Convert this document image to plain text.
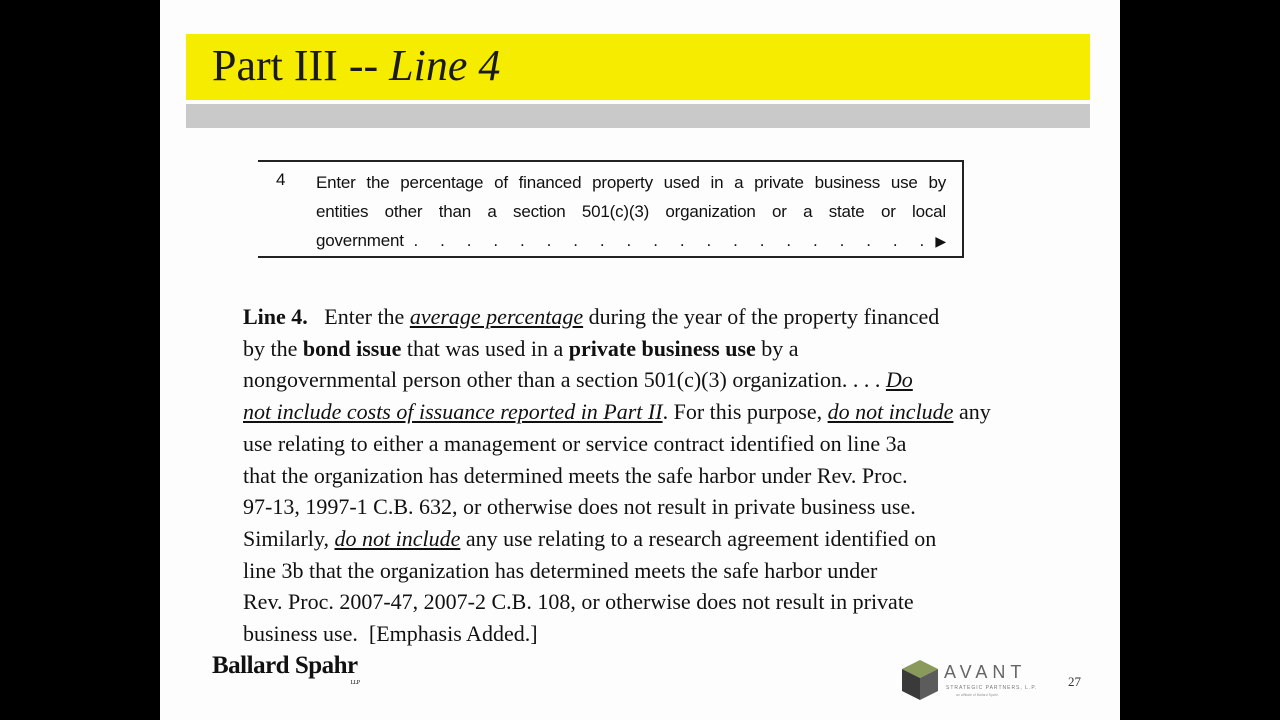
Part III -- Line 4
4 Enter the percentage of financed property used in a private business use by
entities other than a section 501(c)(3) organization or a state or local
government . . . . . . . . . . . . . . . . . . . .▶
Line 4. Enter the average percentage during the year of the property financed
by the bond issue that was used in a private business use by a
nongovernmental person other than a section 501(c)(3) organization. . . . Do
not include costs of issuance reported in Part II. For this purpose, do not include any
use relating to either a management or service contract identified on line 3a
that the organization has determined meets the safe harbor under Rev. Proc.
97-13, 1997-1 C.B. 632, or otherwise does not result in private business use.
Similarly, do not include any use relating to a research agreement identified on
line 3b that the organization has determined meets the safe harbor under
Rev. Proc. 2007-47, 2007-2 C.B. 108, or otherwise does not result in private
business use.  [Emphasis Added.]
Ballard Spahr
LLP
AVANT
STRATEGIC PARTNERS, L.P.
an affiliate of Ballard Spahr
27
